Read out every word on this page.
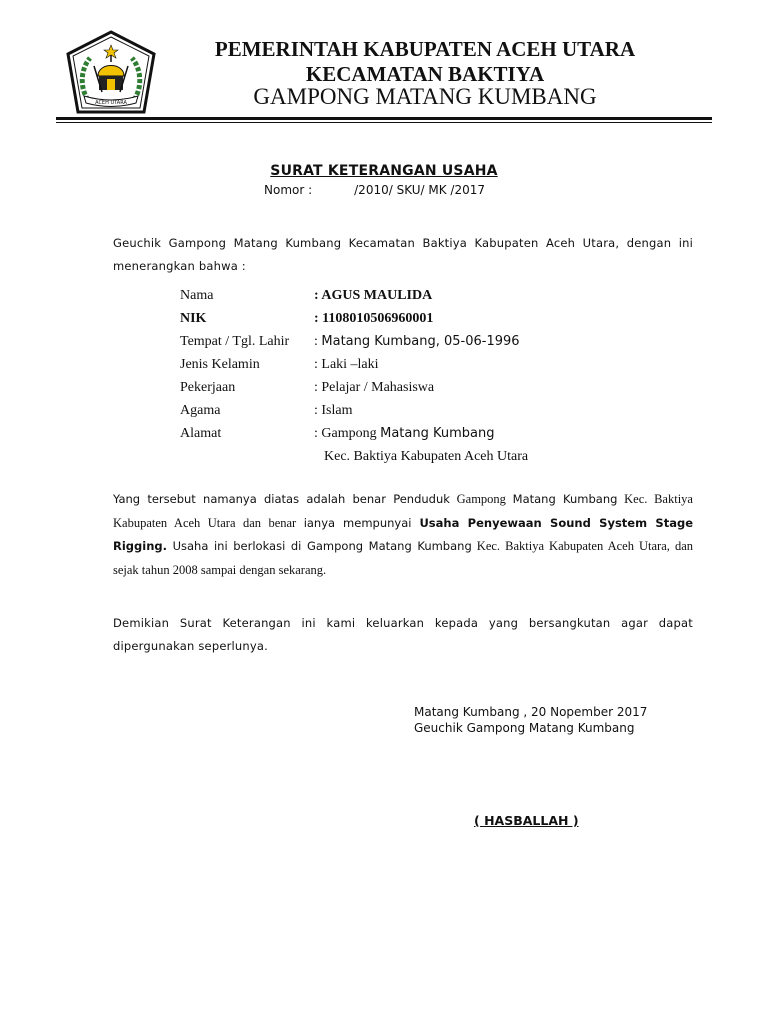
ACEH UTARA
PEMERINTAH KABUPATEN ACEH UTARA
KECAMATAN BAKTIYA
GAMPONG MATANG KUMBANG
SURAT KETERANGAN USAHA
Nomor :	/2010/ SKU/ MK /2017
Geuchik Gampong Matang Kumbang Kecamatan Baktiya Kabupaten Aceh Utara, dengan ini menerangkan bahwa :
Nama	: AGUS MAULIDA
NIK	: 1108010506960001
Tempat / Tgl. Lahir : Matang Kumbang, 05-06-1996
Jenis Kelamin	: Laki –laki
Pekerjaan	: Pelajar / Mahasiswa
Agama	: Islam
Alamat	: Gampong Matang Kumbang
Kec. Baktiya Kabupaten Aceh Utara
Yang tersebut namanya diatas adalah benar Penduduk Gampong Matang Kumbang Kec. Baktiya Kabupaten Aceh Utara dan benar ianya mempunyai Usaha Penyewaan Sound System Stage Rigging. Usaha ini berlokasi di Gampong Matang Kumbang Kec. Baktiya Kabupaten Aceh Utara, dan sejak tahun 2008 sampai dengan sekarang.
Demikian Surat Keterangan ini kami keluarkan kepada yang bersangkutan agar dapat dipergunakan seperlunya.
Matang Kumbang , 20 Nopember 2017
Geuchik Gampong Matang Kumbang
( HASBALLAH )
